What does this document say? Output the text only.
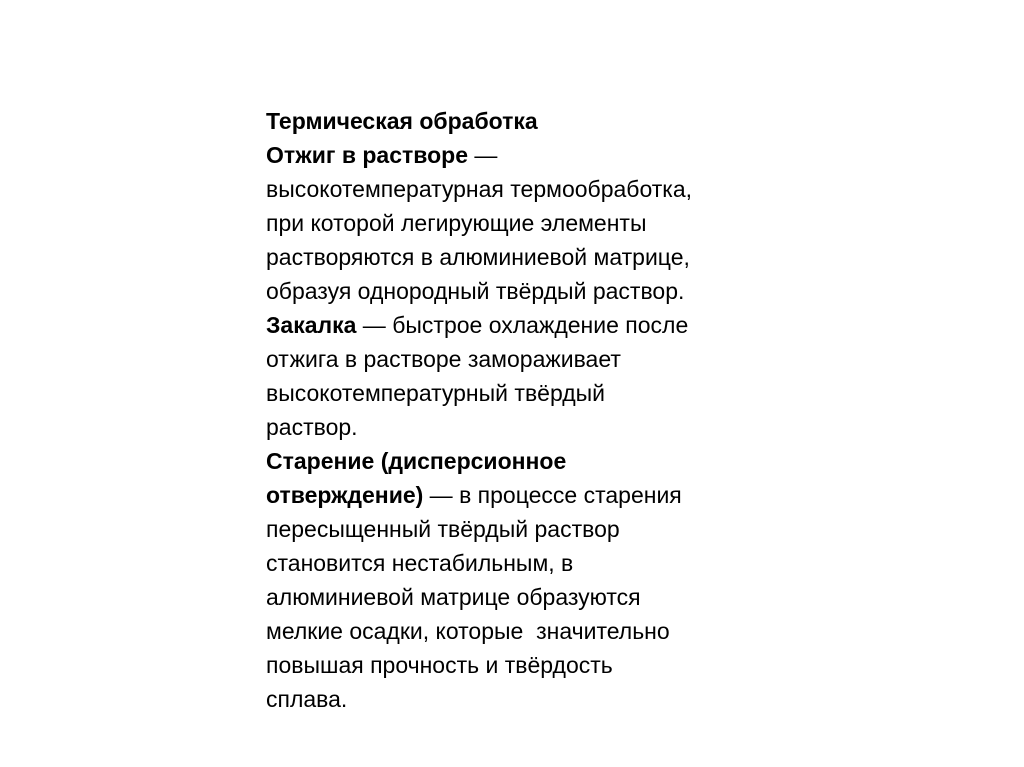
Термическая обработка
Отжиг в растворе —
высокотемпературная термообработка,
при которой легирующие элементы
растворяются в алюминиевой матрице,
образуя однородный твёрдый раствор.
Закалка — быстрое охлаждение после
отжига в растворе замораживает
высокотемпературный твёрдый
раствор.
Старение (дисперсионное
отверждение) — в процессе старения
пересыщенный твёрдый раствор
становится нестабильным, в
алюминиевой матрице образуются
мелкие осадки, которые  значительно
повышая прочность и твёрдость
сплава.
